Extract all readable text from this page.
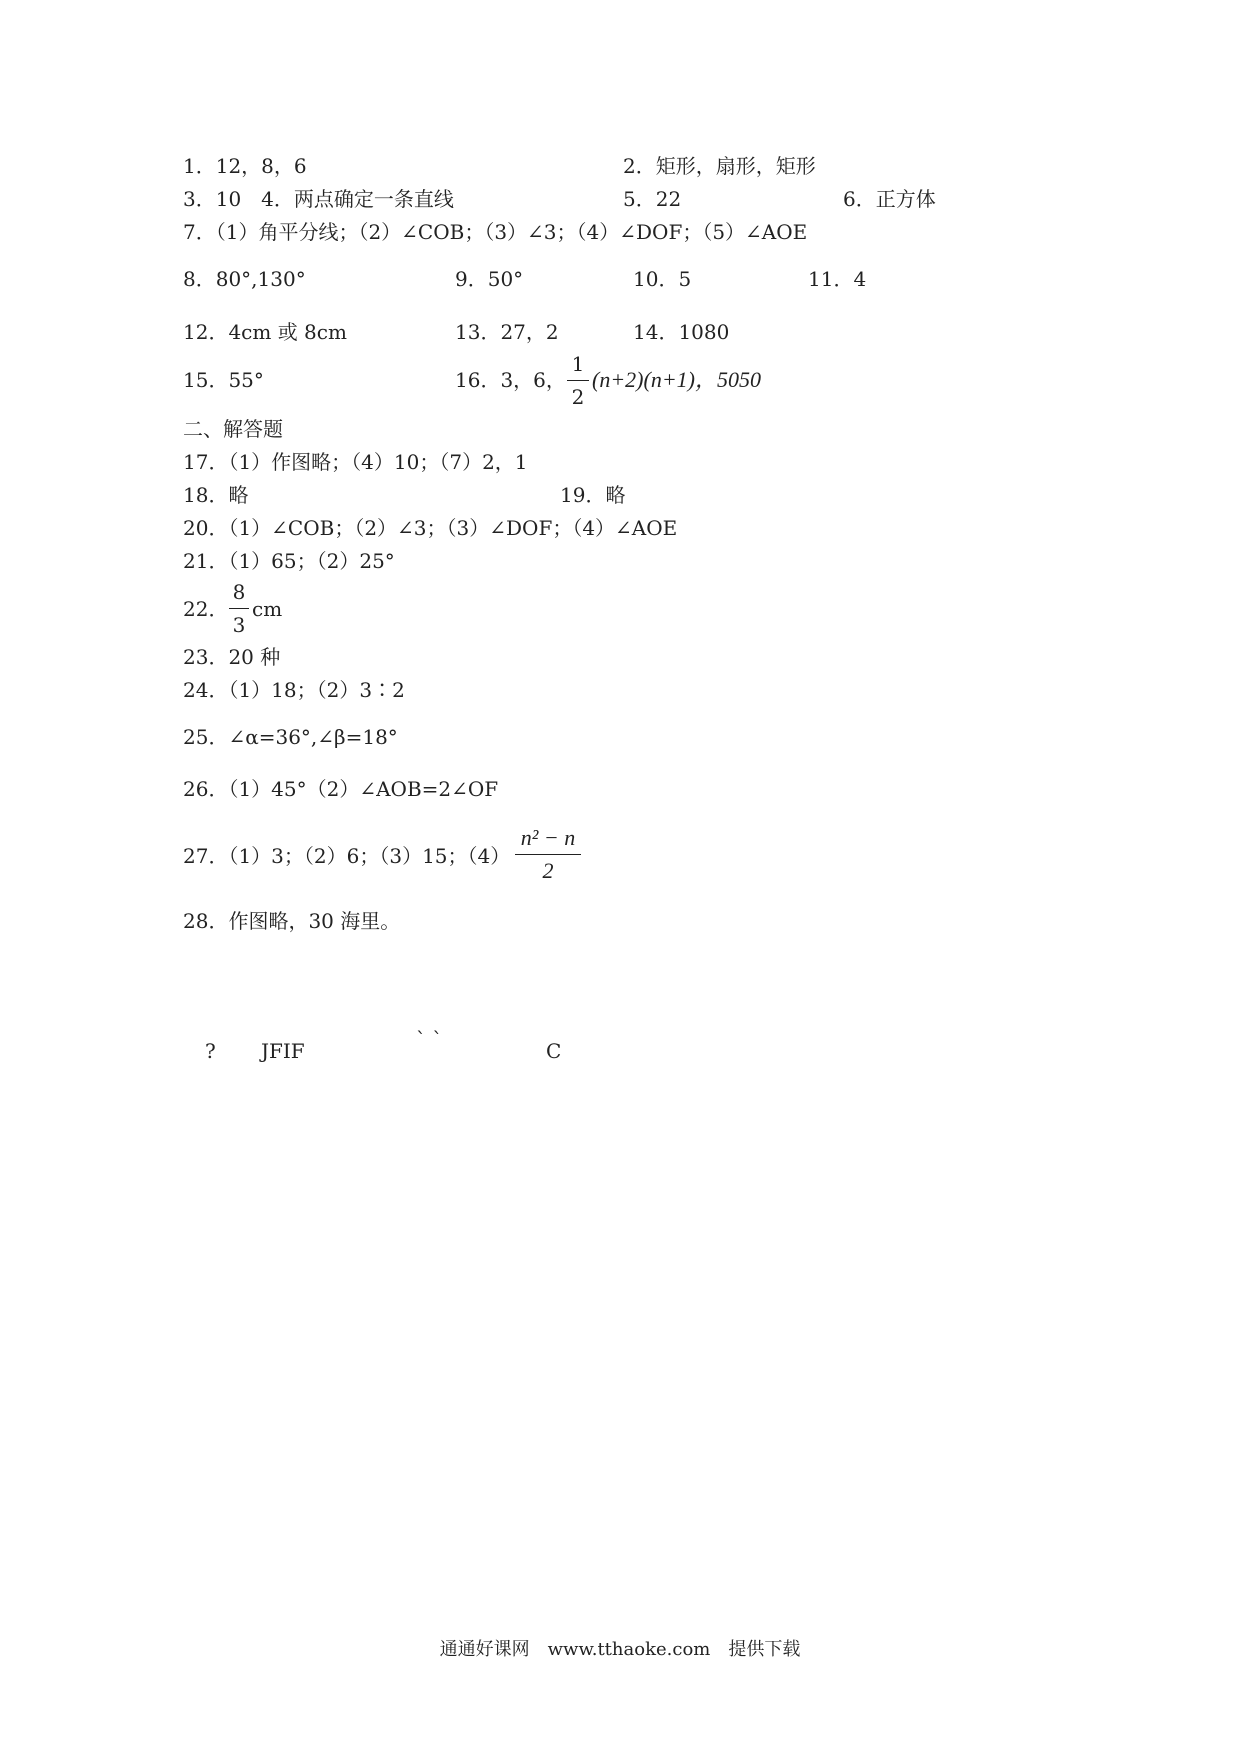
1．12，8，6	2．矩形，扇形，矩形
3．10　4．两点确定一条直线	5．22	6．正方体
7．（1）角平分线；（2）∠COB；（3）∠3；（4）∠DOF；（5）∠AOE
8．80°,130°	9．50°	10．5	11．4
12．4cm 或 8cm	13．27，2	14．1080
15．55°	16．3，6，
1
2
(n+2)(n+1)，5050
二、解答题
17．（1）作图略；（4）10；（7）2，1
18．略	19．略
20．（1）∠COB；（2）∠3；（3）∠DOF；（4）∠AOE
21．（1）65；（2）25°
22．
8
3
cm
23．20 种
24．（1）18；（2）3∶2
25．∠α=36°,∠β=18°
26．（1）45°（2）∠AOB=2∠OF
27．（1）3；（2）6；（3）15；（4）
n² − n
2
28．作图略，30 海里。
? JFIF	` `	C
通通好课网　www.tthaoke.com　提供下载
